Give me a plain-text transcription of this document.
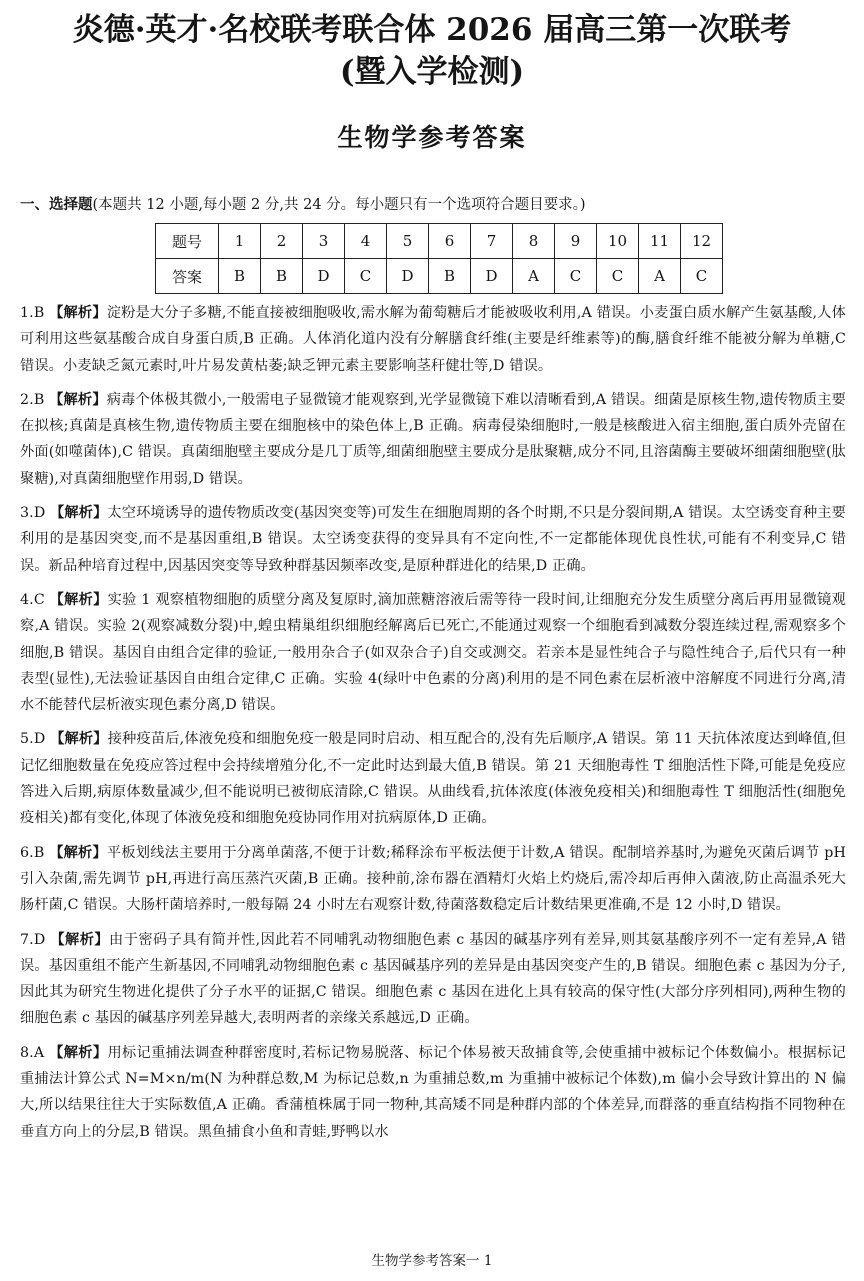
炎德·英才·名校联考联合体 2026 届高三第一次联考
(暨入学检测)
生物学参考答案
一、选择题(本题共 12 小题,每小题 2 分,共 24 分。每小题只有一个选项符合题目要求。)
题号	1	2	3	4	5	6	7	8	9	10	11	12
答案	B	B	D	C	D	B	D	A	C	C	A	C
1.B 【解析】淀粉是大分子多糖,不能直接被细胞吸收,需水解为葡萄糖后才能被吸收利用,A 错误。小麦蛋白质水解产生氨基酸,人体可利用这些氨基酸合成自身蛋白质,B 正确。人体消化道内没有分解膳食纤维(主要是纤维素等)的酶,膳食纤维不能被分解为单糖,C 错误。小麦缺乏氮元素时,叶片易发黄枯萎;缺乏钾元素主要影响茎秆健壮等,D 错误。
2.B 【解析】病毒个体极其微小,一般需电子显微镜才能观察到,光学显微镜下难以清晰看到,A 错误。细菌是原核生物,遗传物质主要在拟核;真菌是真核生物,遗传物质主要在细胞核中的染色体上,B 正确。病毒侵染细胞时,一般是核酸进入宿主细胞,蛋白质外壳留在外面(如噬菌体),C 错误。真菌细胞壁主要成分是几丁质等,细菌细胞壁主要成分是肽聚糖,成分不同,且溶菌酶主要破坏细菌细胞壁(肽聚糖),对真菌细胞壁作用弱,D 错误。
3.D 【解析】太空环境诱导的遗传物质改变(基因突变等)可发生在细胞周期的各个时期,不只是分裂间期,A 错误。太空诱变育种主要利用的是基因突变,而不是基因重组,B 错误。太空诱变获得的变异具有不定向性,不一定都能体现优良性状,可能有不利变异,C 错误。新品种培育过程中,因基因突变等导致种群基因频率改变,是原种群进化的结果,D 正确。
4.C 【解析】实验 1 观察植物细胞的质壁分离及复原时,滴加蔗糖溶液后需等待一段时间,让细胞充分发生质壁分离后再用显微镜观察,A 错误。实验 2(观察减数分裂)中,蝗虫精巢组织细胞经解离后已死亡,不能通过观察一个细胞看到减数分裂连续过程,需观察多个细胞,B 错误。基因自由组合定律的验证,一般用杂合子(如双杂合子)自交或测交。若亲本是显性纯合子与隐性纯合子,后代只有一种表型(显性),无法验证基因自由组合定律,C 正确。实验 4(绿叶中色素的分离)利用的是不同色素在层析液中溶解度不同进行分离,清水不能替代层析液实现色素分离,D 错误。
5.D 【解析】接种疫苗后,体液免疫和细胞免疫一般是同时启动、相互配合的,没有先后顺序,A 错误。第 11 天抗体浓度达到峰值,但记忆细胞数量在免疫应答过程中会持续增殖分化,不一定此时达到最大值,B 错误。第 21 天细胞毒性 T 细胞活性下降,可能是免疫应答进入后期,病原体数量减少,但不能说明已被彻底清除,C 错误。从曲线看,抗体浓度(体液免疫相关)和细胞毒性 T 细胞活性(细胞免疫相关)都有变化,体现了体液免疫和细胞免疫协同作用对抗病原体,D 正确。
6.B 【解析】平板划线法主要用于分离单菌落,不便于计数;稀释涂布平板法便于计数,A 错误。配制培养基时,为避免灭菌后调节 pH 引入杂菌,需先调节 pH,再进行高压蒸汽灭菌,B 正确。接种前,涂布器在酒精灯火焰上灼烧后,需冷却后再伸入菌液,防止高温杀死大肠杆菌,C 错误。大肠杆菌培养时,一般每隔 24 小时左右观察计数,待菌落数稳定后计数结果更准确,不是 12 小时,D 错误。
7.D 【解析】由于密码子具有简并性,因此若不同哺乳动物细胞色素 c 基因的碱基序列有差异,则其氨基酸序列不一定有差异,A 错误。基因重组不能产生新基因,不同哺乳动物细胞色素 c 基因碱基序列的差异是由基因突变产生的,B 错误。细胞色素 c 基因为分子,因此其为研究生物进化提供了分子水平的证据,C 错误。细胞色素 c 基因在进化上具有较高的保守性(大部分序列相同),两种生物的细胞色素 c 基因的碱基序列差异越大,表明两者的亲缘关系越远,D 正确。
8.A 【解析】用标记重捕法调查种群密度时,若标记物易脱落、标记个体易被天敌捕食等,会使重捕中被标记个体数偏小。根据标记重捕法计算公式 N=M×n/m(N 为种群总数,M 为标记总数,n 为重捕总数,m 为重捕中被标记个体数),m 偏小会导致计算出的 N 偏大,所以结果往往大于实际数值,A 正确。香蒲植株属于同一物种,其高矮不同是种群内部的个体差异,而群落的垂直结构指不同物种在垂直方向上的分层,B 错误。黑鱼捕食小鱼和青蛙,野鸭以水
生物学参考答案一 1
